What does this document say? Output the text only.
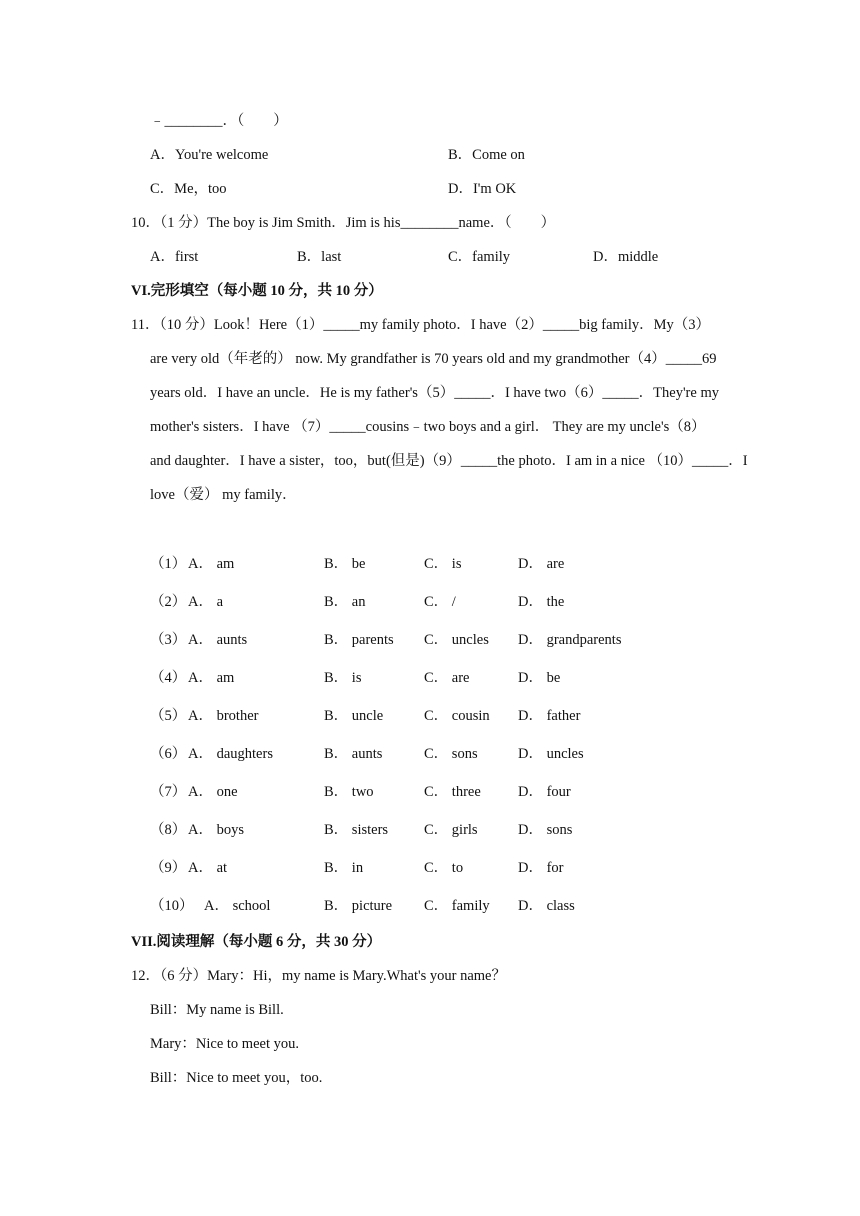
﹣________．（　　）
A．You're welcome	B．Come on
C．Me，too	D．I'm OK
10．（1 分）The boy is Jim Smith．Jim is his________name．（　　）
A．first	B．last	C．family	D．middle
VI.完形填空（每小题 10 分，共 10 分）
11．（10 分）Look！Here（1）_____my family photo．I have（2）_____big family．My（3）
are very old（年老的） now. My grandfather is 70 years old and my grandmother（4）_____69
years old．I have an uncle．He is my father's（5）_____．I have two（6）_____．They're my
mother's sisters．I have （7）_____cousins﹣two boys and a girl． They are my uncle's（8）
and daughter．I have a sister，too，but(但是)（9）_____the photo．I am in a nice （10）_____．I
love（爱） my family．
（1） A． am	B． be	C． is	D． are
（2） A． a	B． an	C． /	D． the
（3） A． aunts	B． parents C． uncles D． grandparents
（4） A． am	B． is	C． are	D． be
（5） A． brother	B． uncle	C． cousin D． father
（6） A． daughters	B． aunts	C． sons	D． uncles
（7） A． one	B． two	C． three	D． four
（8） A． boys	B． sisters C． girls	D． sons
（9） A． at	B． in	C． to	D． for
（10） A． school	B． picture C． family D． class
VII.阅读理解（每小题 6 分，共 30 分）
12．（6 分）Mary：Hi，my name is Mary.What's your name？
Bill：My name is Bill.
Mary：Nice to meet you.
Bill：Nice to meet you，too.
